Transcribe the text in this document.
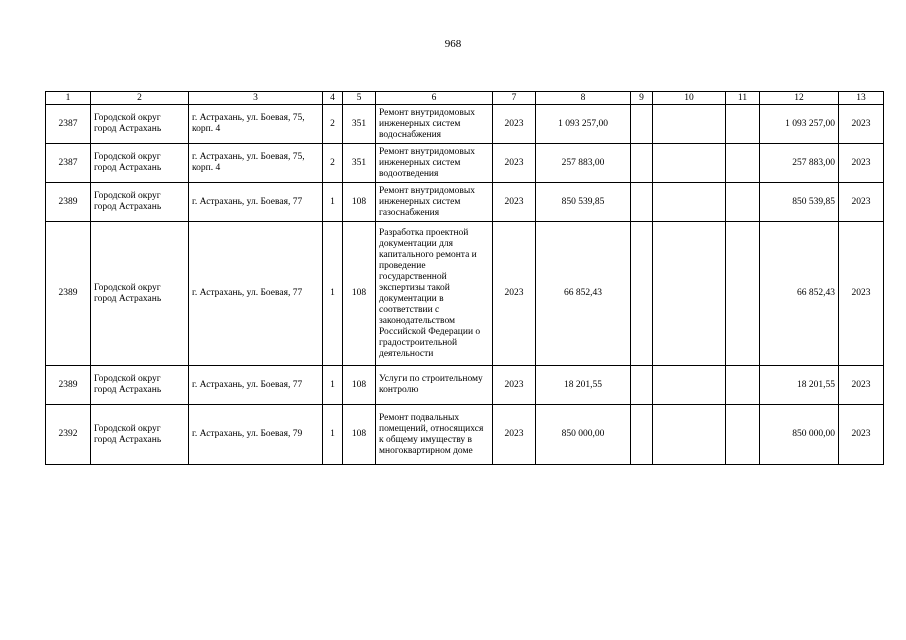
968
1	2	3	4	5	6	7	8	9	10	11	12	13
2387	Городской округ город Астрахань	г. Астрахань, ул. Боевая, 75, корп. 4	2	351	Ремонт внутридомовых инженерных систем водоснабжения	2023	1 093 257,00				1 093 257,00	2023
2387	Городской округ город Астрахань	г. Астрахань, ул. Боевая, 75, корп. 4	2	351	Ремонт внутридомовых инженерных систем водоотведения	2023	257 883,00				257 883,00	2023
2389	Городской округ город Астрахань	г. Астрахань, ул. Боевая, 77	1	108	Ремонт внутридомовых инженерных систем газоснабжения	2023	850 539,85				850 539,85	2023
2389	Городской округ город Астрахань	г. Астрахань, ул. Боевая, 77	1	108	Разработка проектной документации для капитального ремонта и проведение государственной экспертизы такой документации в соответствии с законодательством Российской Федерации о градостроительной деятельности	2023	66 852,43				66 852,43	2023
2389	Городской округ город Астрахань	г. Астрахань, ул. Боевая, 77	1	108	Услуги по строительному контролю	2023	18 201,55				18 201,55	2023
2392	Городской округ город Астрахань	г. Астрахань, ул. Боевая, 79	1	108	Ремонт подвальных помещений, относящихся к общему имуществу в многоквартирном доме	2023	850 000,00				850 000,00	2023
